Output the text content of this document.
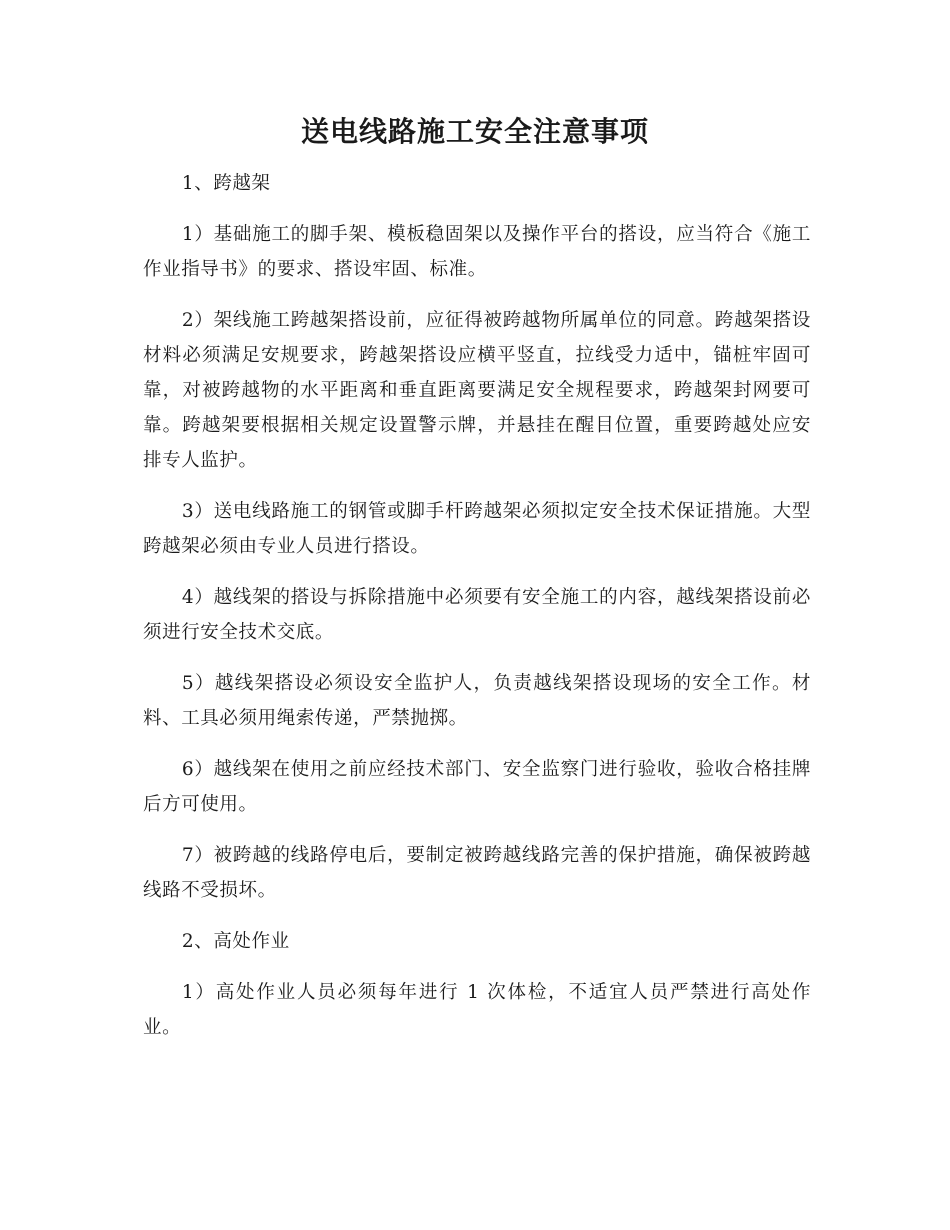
送电线路施工安全注意事项

1、跨越架

1）基础施工的脚手架、模板稳固架以及操作平台的搭设，应当符合《施工作业指导书》的要求、搭设牢固、标准。

2）架线施工跨越架搭设前，应征得被跨越物所属单位的同意。跨越架搭设材料必须满足安规要求，跨越架搭设应横平竖直，拉线受力适中，锚桩牢固可靠，对被跨越物的水平距离和垂直距离要满足安全规程要求，跨越架封网要可靠。跨越架要根据相关规定设置警示牌，并悬挂在醒目位置，重要跨越处应安排专人监护。

3）送电线路施工的钢管或脚手杆跨越架必须拟定安全技术保证措施。大型跨越架必须由专业人员进行搭设。

4）越线架的搭设与拆除措施中必须要有安全施工的内容，越线架搭设前必须进行安全技术交底。

5）越线架搭设必须设安全监护人，负责越线架搭设现场的安全工作。材料、工具必须用绳索传递，严禁抛掷。

6）越线架在使用之前应经技术部门、安全监察门进行验收，验收合格挂牌后方可使用。

7）被跨越的线路停电后，要制定被跨越线路完善的保护措施，确保被跨越线路不受损坏。

2、高处作业

1）高处作业人员必须每年进行 1 次体检，不适宜人员严禁进行高处作业。
